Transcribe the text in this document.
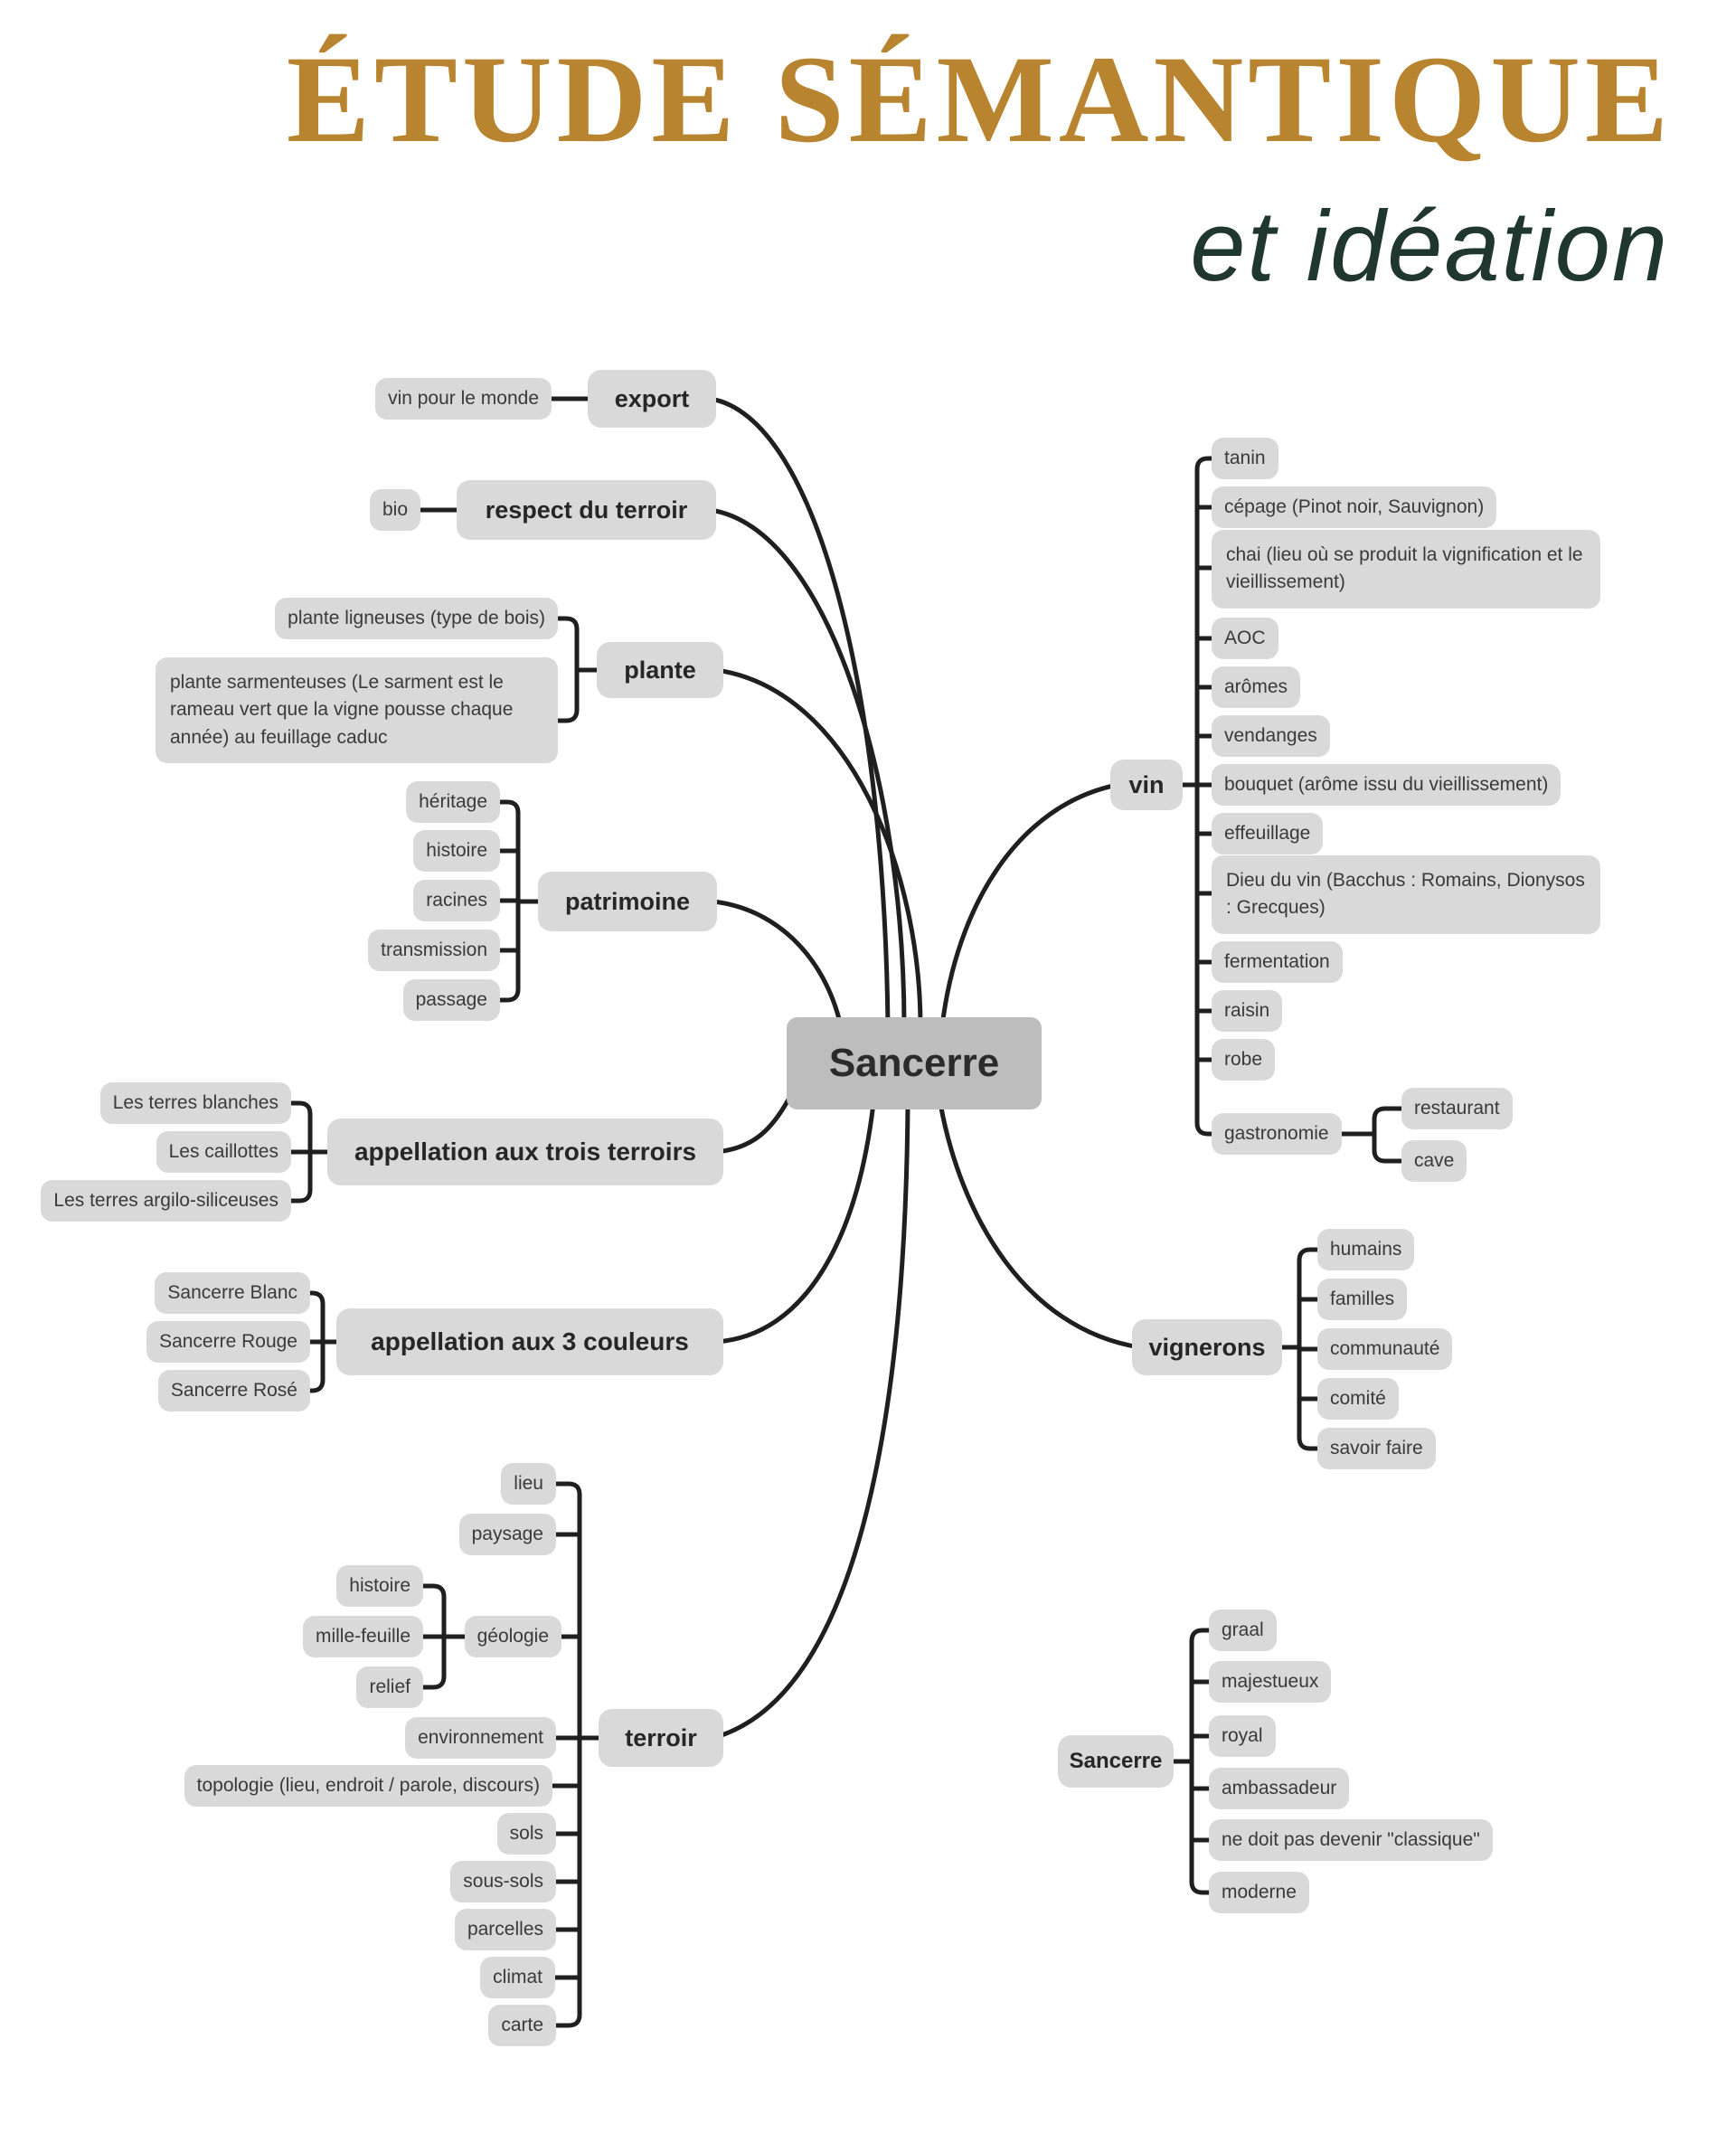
ÉTUDE SÉMANTIQUE
et idéation
Sancerre
export
vin pour le monde
respect du terroir
bio
plante
plante ligneuses (type de bois)
plante sarmenteuses (Le sarment est le rameau vert que la vigne pousse chaque année) au feuillage caduc
patrimoine
héritage
histoire
racines
transmission
passage
appellation aux trois terroirs
Les terres blanches
Les caillottes
Les terres argilo-siliceuses
appellation aux 3 couleurs
Sancerre Blanc
Sancerre Rouge
Sancerre Rosé
terroir
lieu
paysage
géologie
histoire
mille-feuille
relief
environnement
topologie (lieu, endroit / parole, discours)
sols
sous-sols
parcelles
climat
carte
vin
tanin
cépage (Pinot noir, Sauvignon)
chai (lieu où se produit la vignification et le vieillissement)
AOC
arômes
vendanges
bouquet (arôme issu du vieillissement)
effeuillage
Dieu du vin (Bacchus : Romains, Dionysos : Grecques)
fermentation
raisin
robe
gastronomie
restaurant
cave
vignerons
humains
familles
communauté
comité
savoir faire
Sancerre
graal
majestueux
royal
ambassadeur
ne doit pas devenir "classique"
moderne
